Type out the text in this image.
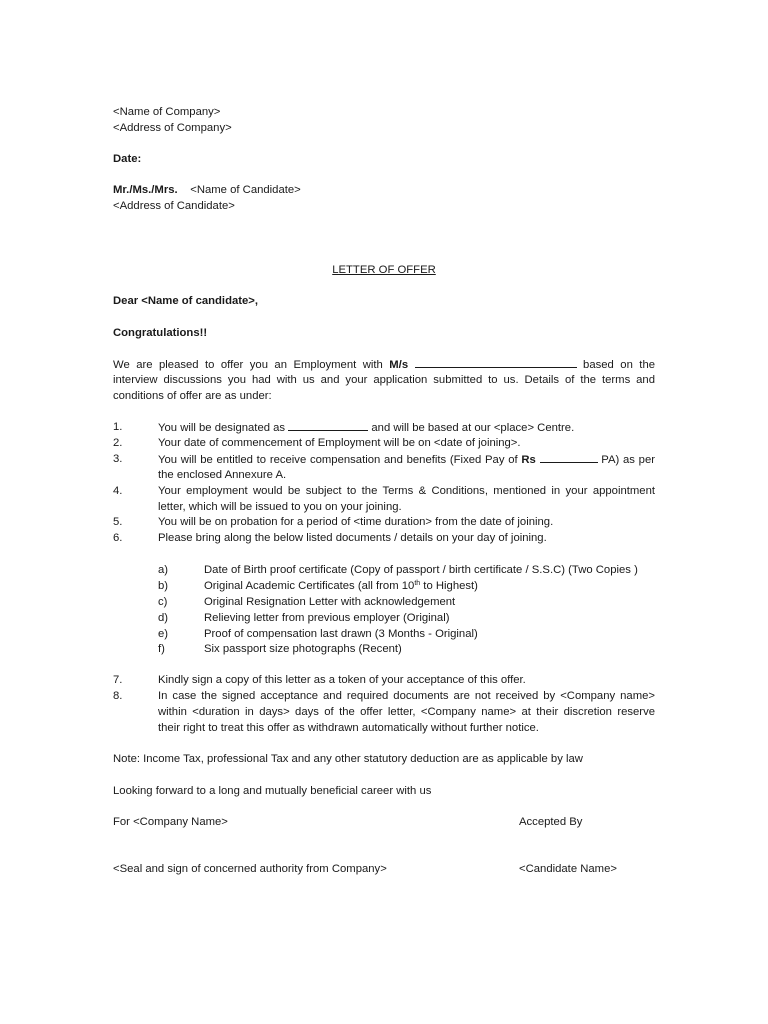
<Name of Company>
<Address of Company>
Date:
Mr./Ms./Mrs. <Name of Candidate>
<Address of Candidate>
LETTER OF OFFER
Dear <Name of candidate>,
Congratulations!!
We are pleased to offer you an Employment with M/s	based on the
interview discussions you had with us and your application submitted to us. Details of the terms and
conditions of offer are as under:
1.	You will be designated as	and will be based at our <place> Centre.
2.	Your date of commencement of Employment will be on <date of joining>.
3.	You will be entitled to receive compensation and benefits (Fixed Pay of Rs	PA) as per
the enclosed Annexure A.
4.	Your employment would be subject to the Terms & Conditions, mentioned in your appointment
letter, which will be issued to you on your joining.
5.	You will be on probation for a period of <time duration> from the date of joining.
6.	Please bring along the below listed documents / details on your day of joining.
a)	Date of Birth proof certificate (Copy of passport / birth certificate / S.S.C) (Two Copies )
b)	Original Academic Certificates (all from 10th to Highest)
c)	Original Resignation Letter with acknowledgement
d)	Relieving letter from previous employer (Original)
e)	Proof of compensation last drawn (3 Months - Original)
f)	Six passport size photographs (Recent)
7.	Kindly sign a copy of this letter as a token of your acceptance of this offer.
8.	In case the signed acceptance and required documents are not received by <Company name>
within <duration in days> days of the offer letter, <Company name> at their discretion reserve
their right to treat this offer as withdrawn automatically without further notice.
Note: Income Tax, professional Tax and any other statutory deduction are as applicable by law
Looking forward to a long and mutually beneficial career with us
For <Company Name>	Accepted By
<Seal and sign of concerned authority from Company>	<Candidate Name>
